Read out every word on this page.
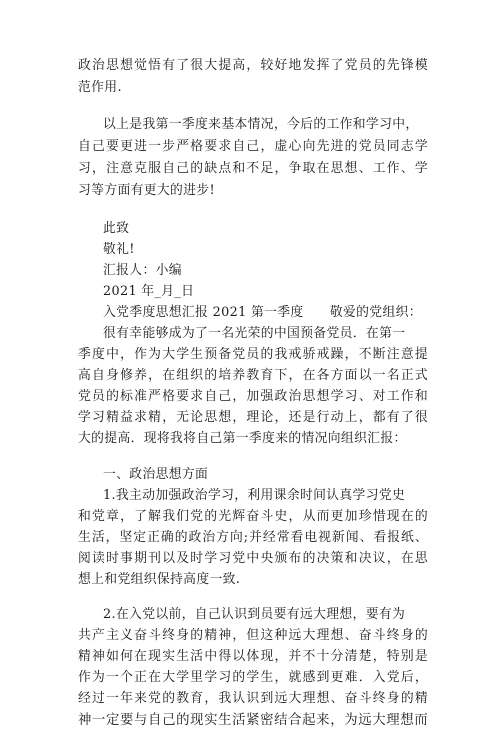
政治思想觉悟有了很大提高，较好地发挥了党员的先锋模
范作用.
以上是我第一季度来基本情况，今后的工作和学习中，
自己要更进一步严格要求自己，虚心向先进的党员同志学
习，注意克服自己的缺点和不足，争取在思想、工作、学
习等方面有更大的进步!
此致
敬礼!
汇报人：小编
2021 年_月_日
入党季度思想汇报 2021 第一季度　　敬爱的党组织：
很有幸能够成为了一名光荣的中国预备党员．在第一
季度中，作为大学生预备党员的我戒骄戒躁，不断注意提
高自身修养，在组织的培养教育下，在各方面以一名正式
党员的标准严格要求自己，加强政治思想学习、对工作和
学习精益求精，无论思想，理论，还是行动上，都有了很
大的提高．现将我将自己第一季度来的情况向组织汇报：
一、政治思想方面
1.我主动加强政治学习，利用课余时间认真学习党史
和党章，了解我们党的光辉奋斗史，从而更加珍惜现在的
生活，坚定正确的政治方向;并经常看电视新闻、看报纸、
阅读时事期刊以及时学习党中央颁布的决策和决议，在思
想上和党组织保持高度一致.
2.在入党以前，自己认识到员要有远大理想，要有为
共产主义奋斗终身的精神，但这种远大理想、奋斗终身的
精神如何在现实生活中得以体现，并不十分清楚，特别是
作为一个正在大学里学习的学生，就感到更难．入党后，
经过一年来党的教育，我认识到远大理想、奋斗终身的精
神一定要与自己的现实生活紧密结合起来，为远大理想而
